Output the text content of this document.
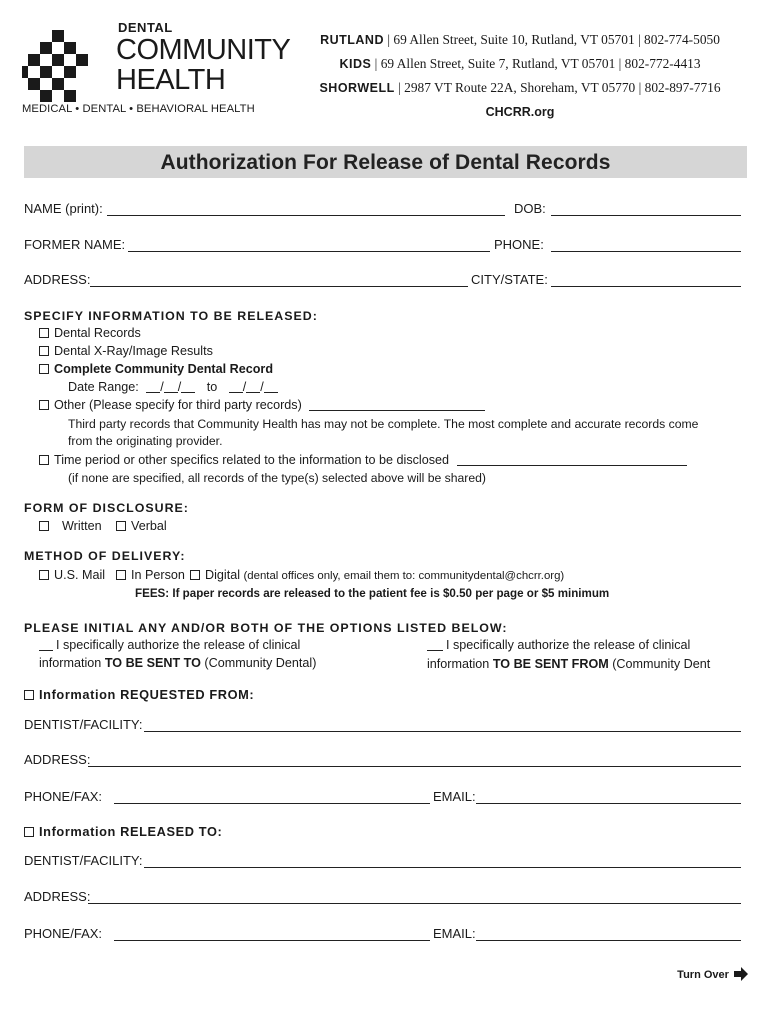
DENTAL
COMMUNITY
HEALTH
MEDICAL • DENTAL • BEHAVIORAL HEALTH
RUTLAND | 69 Allen Street, Suite 10, Rutland, VT 05701 | 802-774-5050
KIDS | 69 Allen Street, Suite 7, Rutland, VT 05701 | 802-772-4413
SHORWELL | 2987 VT Route 22A, Shoreham, VT 05770 | 802-897-7716
CHCRR.org
Authorization For Release of Dental Records
NAME (print):	DOB:
FORMER NAME:	PHONE:
ADDRESS:	CITY/STATE:
SPECIFY INFORMATION TO BE RELEASED:
Dental Records
Dental X-Ray/Image Results
Complete Community Dental Record
Date Range: / / to / /
Other (Please specify for third party records)
Third party records that Community Health has may not be complete. The most complete and accurate records come
from the originating provider.
Time period or other specifics related to the information to be disclosed
(if none are specified, all records of the type(s) selected above will be shared)
FORM OF DISCLOSURE:
Written	Verbal
METHOD OF DELIVERY:
U.S. Mail	In Person	Digital (dental offices only, email them to: communitydental@chcrr.org)
FEES: If paper records are released to the patient fee is $0.50 per page or $5 minimum
PLEASE INITIAL ANY AND/OR BOTH OF THE OPTIONS LISTED BELOW:
I specifically authorize the release of clinical
information TO BE SENT TO (Community Dental)
I specifically authorize the release of clinical
information TO BE SENT FROM (Community Dent
Information REQUESTED FROM:
DENTIST/FACILITY:
ADDRESS:
PHONE/FAX:	EMAIL:
Information RELEASED TO:
DENTIST/FACILITY:
ADDRESS:
PHONE/FAX:	EMAIL:
Turn Over
